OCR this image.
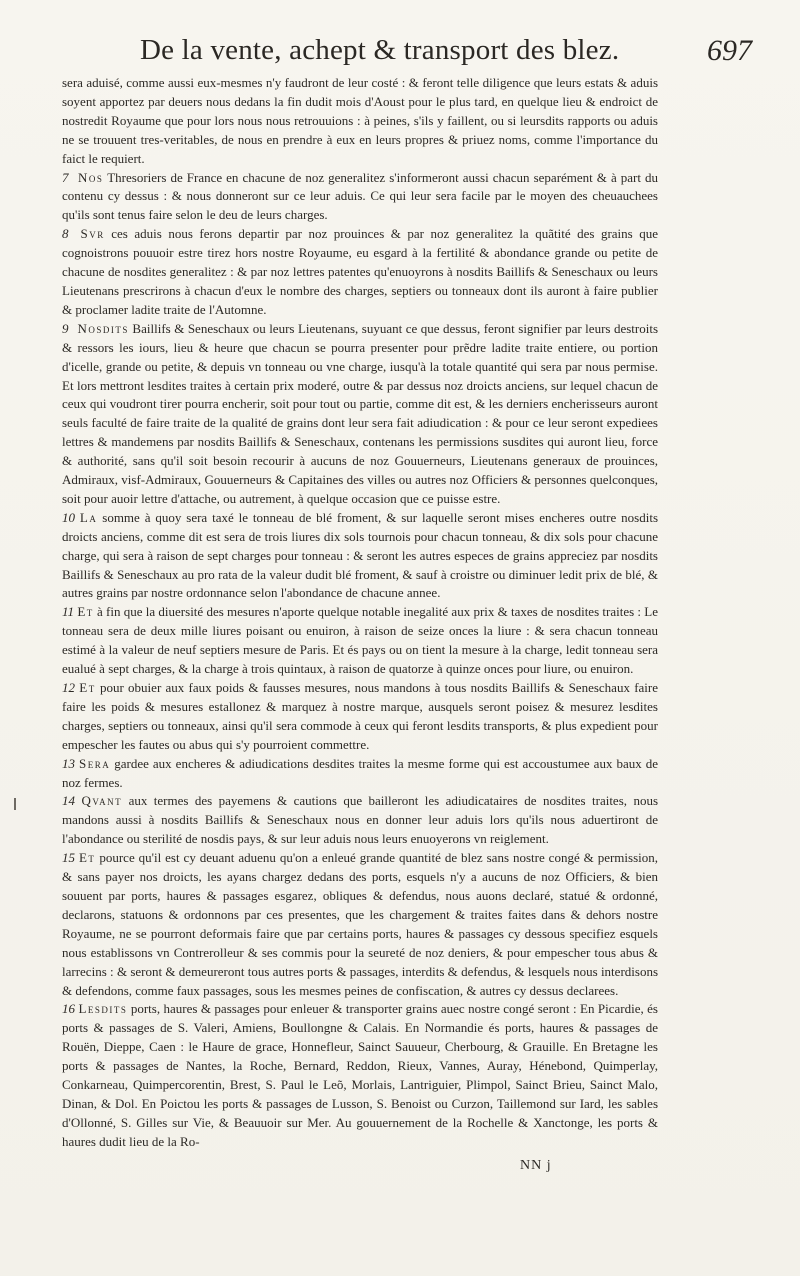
De la vente, achept & transport des blez.	697

sera aduisé, comme aussi eux-mesmes n'y faudront de leur costé : & feront telle diligence que leurs estats & aduis soyent apportez par deuers nous dedans la fin dudit mois d'Aoust pour le plus tard, en quelque lieu & endroict de nostredit Royaume que pour lors nous nous retrouuions : à peines, s'ils y faillent, ou si leursdits rapports ou aduis ne se trouuent tres-veritables, de nous en prendre à eux en leurs propres & priuez noms, comme l'importance du faict le requiert.

7 Nos Thresoriers de France en chacune de noz generalitez s'informeront aussi chacun separément & à part du contenu cy dessus : & nous donneront sur ce leur aduis. Ce qui leur sera facile par le moyen des cheuauchees qu'ils sont tenus faire selon le deu de leurs charges.

8 Svr ces aduis nous ferons departir par noz prouinces & par noz generalitez la quãtité des grains que cognoistrons pouuoir estre tirez hors nostre Royaume, eu esgard à la fertilité & abondance grande ou petite de chacune de nosdites generalitez : & par noz lettres patentes qu'enuoyrons à nosdits Baillifs & Seneschaux ou leurs Lieutenans prescrirons à chacun d'eux le nombre des charges, septiers ou tonneaux dont ils auront à faire publier & proclamer ladite traite de l'Automne.

9 Nosdits Baillifs & Seneschaux ou leurs Lieutenans, suyuant ce que dessus, feront signifier par leurs destroits & ressors les iours, lieu & heure que chacun se pourra presenter pour prẽdre ladite traite entiere, ou portion d'icelle, grande ou petite, & depuis vn tonneau ou vne charge, iusqu'à la totale quantité qui sera par nous permise. Et lors mettront lesdites traites à certain prix moderé, outre & par dessus noz droicts anciens, sur lequel chacun de ceux qui voudront tirer pourra encherir, soit pour tout ou partie, comme dit est, & les derniers encherisseurs auront seuls faculté de faire traite de la qualité de grains dont leur sera fait adiudication : & pour ce leur seront expediees lettres & mandemens par nosdits Baillifs & Seneschaux, contenans les permissions susdites qui auront lieu, force & authorité, sans qu'il soit besoin recourir à aucuns de noz Gouuerneurs, Lieutenans generaux de prouinces, Admiraux, visf-Admiraux, Gouuerneurs & Capitaines des villes ou autres noz Officiers & personnes quelconques, soit pour auoir lettre d'attache, ou autrement, à quelque occasion que ce puisse estre.

10 La somme à quoy sera taxé le tonneau de blé froment, & sur laquelle seront mises encheres outre nosdits droicts anciens, comme dit est sera de trois liures dix sols tournois pour chacun tonneau, & dix sols pour chacune charge, qui sera à raison de sept charges pour tonneau : & seront les autres especes de grains appreciez par nosdits Baillifs & Seneschaux au pro rata de la valeur dudit blé froment, & sauf à croistre ou diminuer ledit prix de blé, & autres grains par nostre ordonnance selon l'abondance de chacune annee.

11 Et à fin que la diuersité des mesures n'aporte quelque notable inegalité aux prix & taxes de nosdites traites : Le tonneau sera de deux mille liures poisant ou enuiron, à raison de seize onces la liure : & sera chacun tonneau estimé à la valeur de neuf septiers mesure de Paris. Et és pays ou on tient la mesure à la charge, ledit tonneau sera eualué à sept charges, & la charge à trois quintaux, à raison de quatorze à quinze onces pour liure, ou enuiron.

12 Et pour obuier aux faux poids & fausses mesures, nous mandons à tous nosdits Baillifs & Seneschaux faire faire les poids & mesures estallonez & marquez à nostre marque, ausquels seront poisez & mesurez lesdites charges, septiers ou tonneaux, ainsi qu'il sera commode à ceux qui feront lesdits transports, & plus expedient pour empescher les fautes ou abus qui s'y pourroient commettre.

13 Sera gardee aux encheres & adiudications desdites traites la mesme forme qui est accoustumee aux baux de noz fermes.

14 Qvant aux termes des payemens & cautions que bailleront les adiudicataires de nosdites traites, nous mandons aussi à nosdits Baillifs & Seneschaux nous en donner leur aduis lors qu'ils nous aduertiront de l'abondance ou sterilité de nosdis pays, & sur leur aduis nous leurs enuoyerons vn reiglement.

15 Et pource qu'il est cy deuant aduenu qu'on a enleué grande quantité de blez sans nostre congé & permission, & sans payer nos droicts, les ayans chargez dedans des ports, esquels n'y a aucuns de noz Officiers, & bien souuent par ports, haures & passages esgarez, obliques & defendus, nous auons declaré, statué & ordonné, declarons, statuons & ordonnons par ces presentes, que les chargement & traites faites dans & dehors nostre Royaume, ne se pourront deformais faire que par certains ports, haures & passages cy dessous specifiez esquels nous establissons vn Contrerolleur & ses commis pour la seureté de noz deniers, & pour empescher tous abus & larrecins : & seront & demeureront tous autres ports & passages, interdits & defendus, & lesquels nous interdisons & defendons, comme faux passages, sous les mesmes peines de confiscation, & autres cy dessus declarees.

16 Lesdits ports, haures & passages pour enleuer & transporter grains auec nostre congé seront : En Picardie, és ports & passages de S. Valeri, Amiens, Boullongne & Calais. En Normandie és ports, haures & passages de Rouën, Dieppe, Caen : le Haure de grace, Honnefleur, Sainct Sauueur, Cherbourg, & Grauille. En Bretagne les ports & passages de Nantes, la Roche, Bernard, Reddon, Rieux, Vannes, Auray, Hénebond, Quimperlay, Conkarneau, Quimpercorentin, Brest, S. Paul le Leõ, Morlais, Lantriguier, Plimpol, Sainct Brieu, Sainct Malo, Dinan, & Dol. En Poictou les ports & passages de Lusson, S. Benoist ou Curzon, Taillemond sur Iard, les sables d'Ollonné, S. Gilles sur Vie, & Beauuoir sur Mer. Au gouuernement de la Rochelle & Xanctonge, les ports & haures dudit lieu de la Ro-

NN j
